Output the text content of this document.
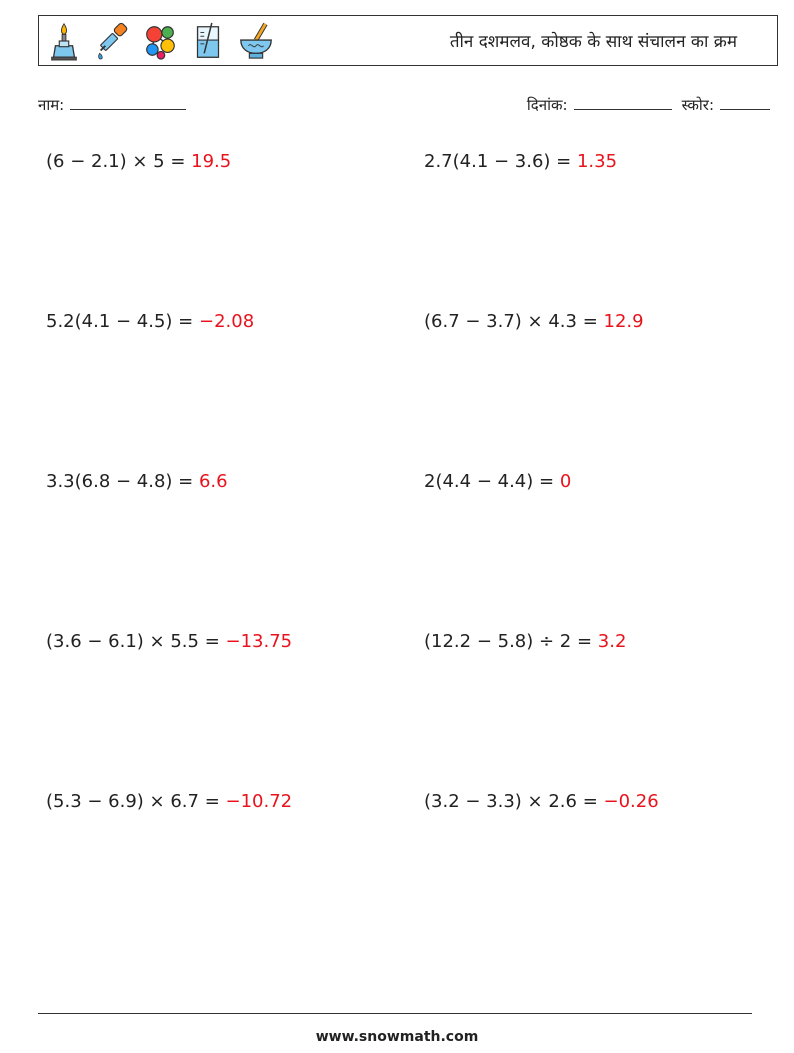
तीन दशमलव, कोष्ठक के साथ संचालन का क्रम
नाम:	दिनांक:	स्कोर:
(6 − 2.1) × 5 = 19.5	2.7(4.1 − 3.6) = 1.35
5.2(4.1 − 4.5) = −2.08	(6.7 − 3.7) × 4.3 = 12.9
3.3(6.8 − 4.8) = 6.6	2(4.4 − 4.4) = 0
(3.6 − 6.1) × 5.5 = −13.75	(12.2 − 5.8) ÷ 2 = 3.2
(5.3 − 6.9) × 6.7 = −10.72	(3.2 − 3.3) × 2.6 = −0.26
www.snowmath.com
